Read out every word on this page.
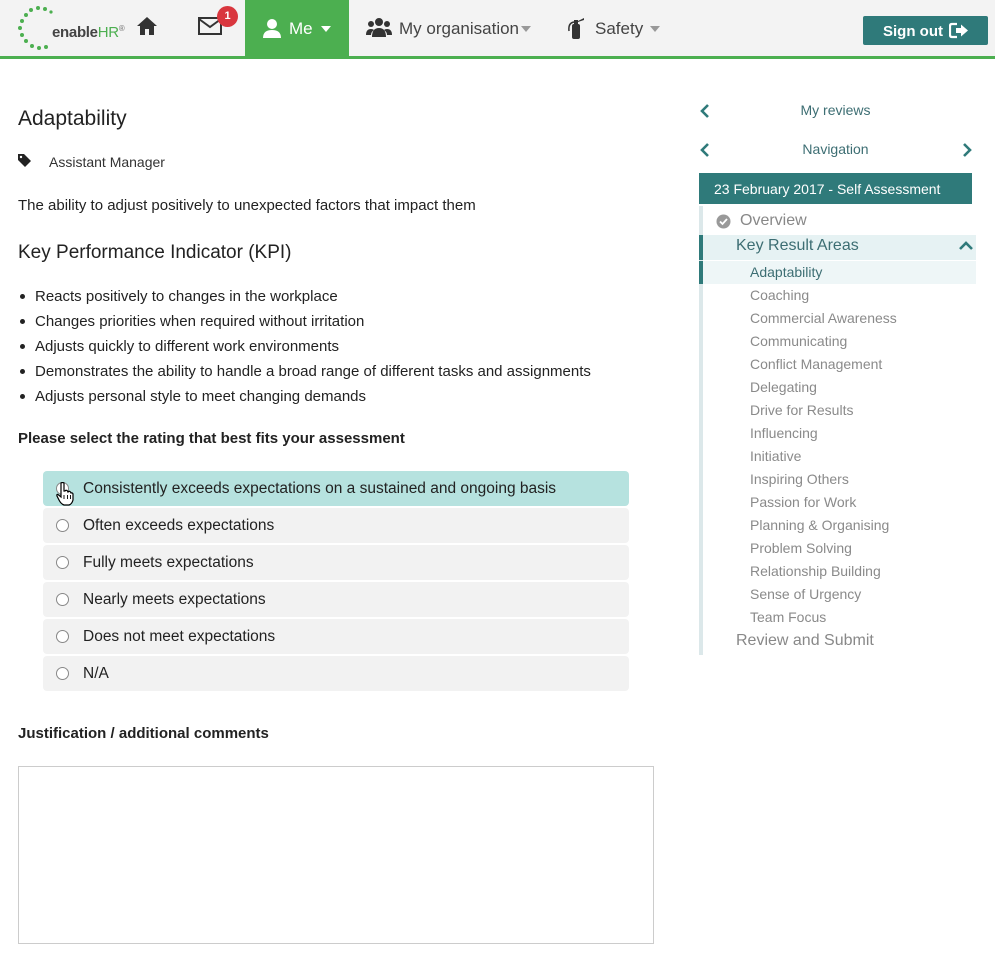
enableHR®
1
Me	My organisation	Safety	Sign out
Adaptability
Assistant Manager

The ability to adjust positively to unexpected factors that impact them

Key Performance Indicator (KPI)
Reacts positively to changes in the workplace
Changes priorities when required without irritation
Adjusts quickly to different work environments
Demonstrates the ability to handle a broad range of different tasks and assignments
Adjusts personal style to meet changing demands
Please select the rating that best fits your assessment
Consistently exceeds expectations on a sustained and ongoing basis
Often exceeds expectations
Fully meets expectations
Nearly meets expectations
Does not meet expectations
N/A
Justification / additional comments
My reviews
Navigation
23 February 2017 - Self Assessment
Overview
Key Result Areas
Adaptability
Coaching
Commercial Awareness
Communicating
Conflict Management
Delegating
Drive for Results
Influencing
Initiative
Inspiring Others
Passion for Work
Planning & Organising
Problem Solving
Relationship Building
Sense of Urgency
Team Focus
Review and Submit
